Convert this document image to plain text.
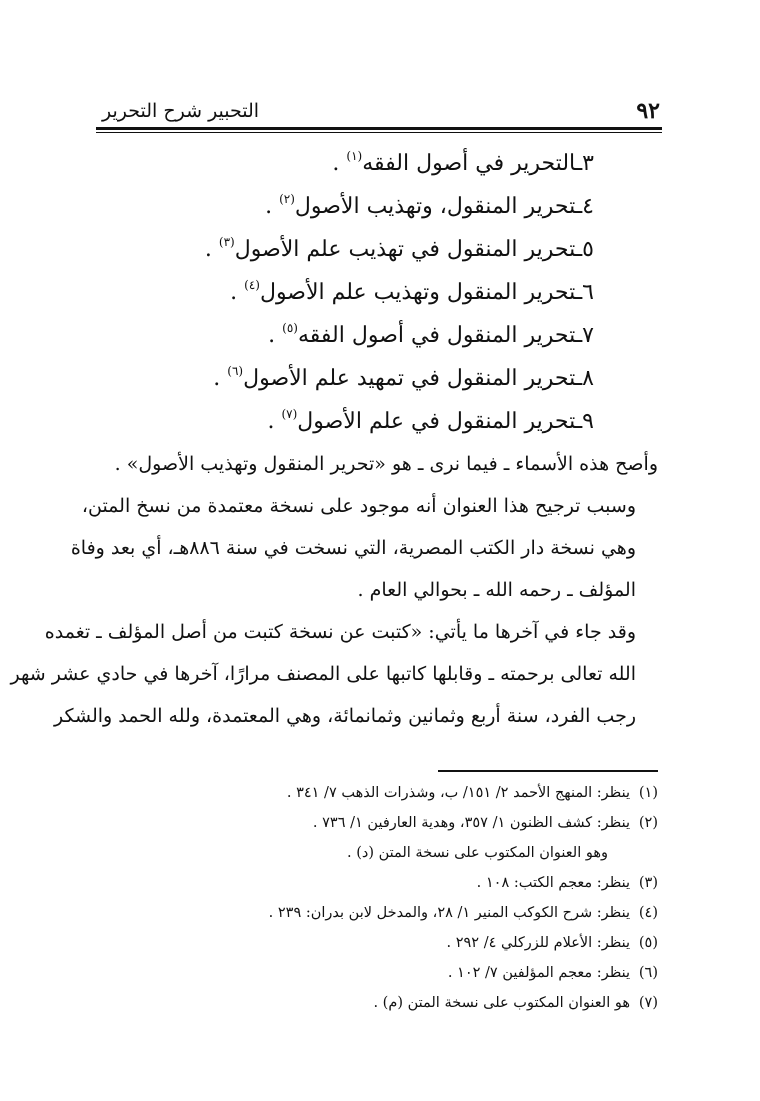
٩٢
التحبير شرح التحرير
٣ـالتحرير في أصول الفقه$^{(١)}$ .
٤ـتحرير المنقول، وتهذيب الأصول$^{(٢)}$ .
٥ـتحرير المنقول في تهذيب علم الأصول$^{(٣)}$ .
٦ـتحرير المنقول وتهذيب علم الأصول$^{(٤)}$ .
٧ـتحرير المنقول في أصول الفقه$^{(٥)}$ .
٨ـتحرير المنقول في تمهيد علم الأصول$^{(٦)}$ .
٩ـتحرير المنقول في علم الأصول$^{(٧)}$ .
وأصح هذه الأسماء ـ فيما نرى ـ هو «تحرير المنقول وتهذيب الأصول» .
وسبب ترجيح هذا العنوان أنه موجود على نسخة معتمدة من نسخ المتن،
وهي نسخة دار الكتب المصرية، التي نسخت في سنة ٨٨٦هـ، أي بعد وفاة
المؤلف ـ رحمه الله ـ بحوالي العام .
وقد جاء في آخرها ما يأتي: «كتبت عن نسخة كتبت من أصل المؤلف ـ تغمده
الله تعالى برحمته ـ وقابلها كاتبها على المصنف مرارًا، آخرها في حادي عشر شهر
رجب الفرد، سنة أربع وثمانين وثمانمائة، وهي المعتمدة، ولله الحمد والشكر
(١)ينظر: المنهج الأحمد ٢/ ١٥١/ ب، وشذرات الذهب ٧/ ٣٤١ .
(٢)ينظر: كشف الظنون ١/ ٣٥٧، وهدية العارفين ١/ ٧٣٦ .
وهو العنوان المكتوب على نسخة المتن (د) .
(٣)ينظر: معجم الكتب: ١٠٨ .
(٤)ينظر: شرح الكوكب المنير ١/ ٢٨، والمدخل لابن بدران: ٢٣٩ .
(٥)ينظر: الأعلام للزركلي ٤/ ٢٩٢ .
(٦)ينظر: معجم المؤلفين ٧/ ١٠٢ .
(٧)هو العنوان المكتوب على نسخة المتن (م) .
